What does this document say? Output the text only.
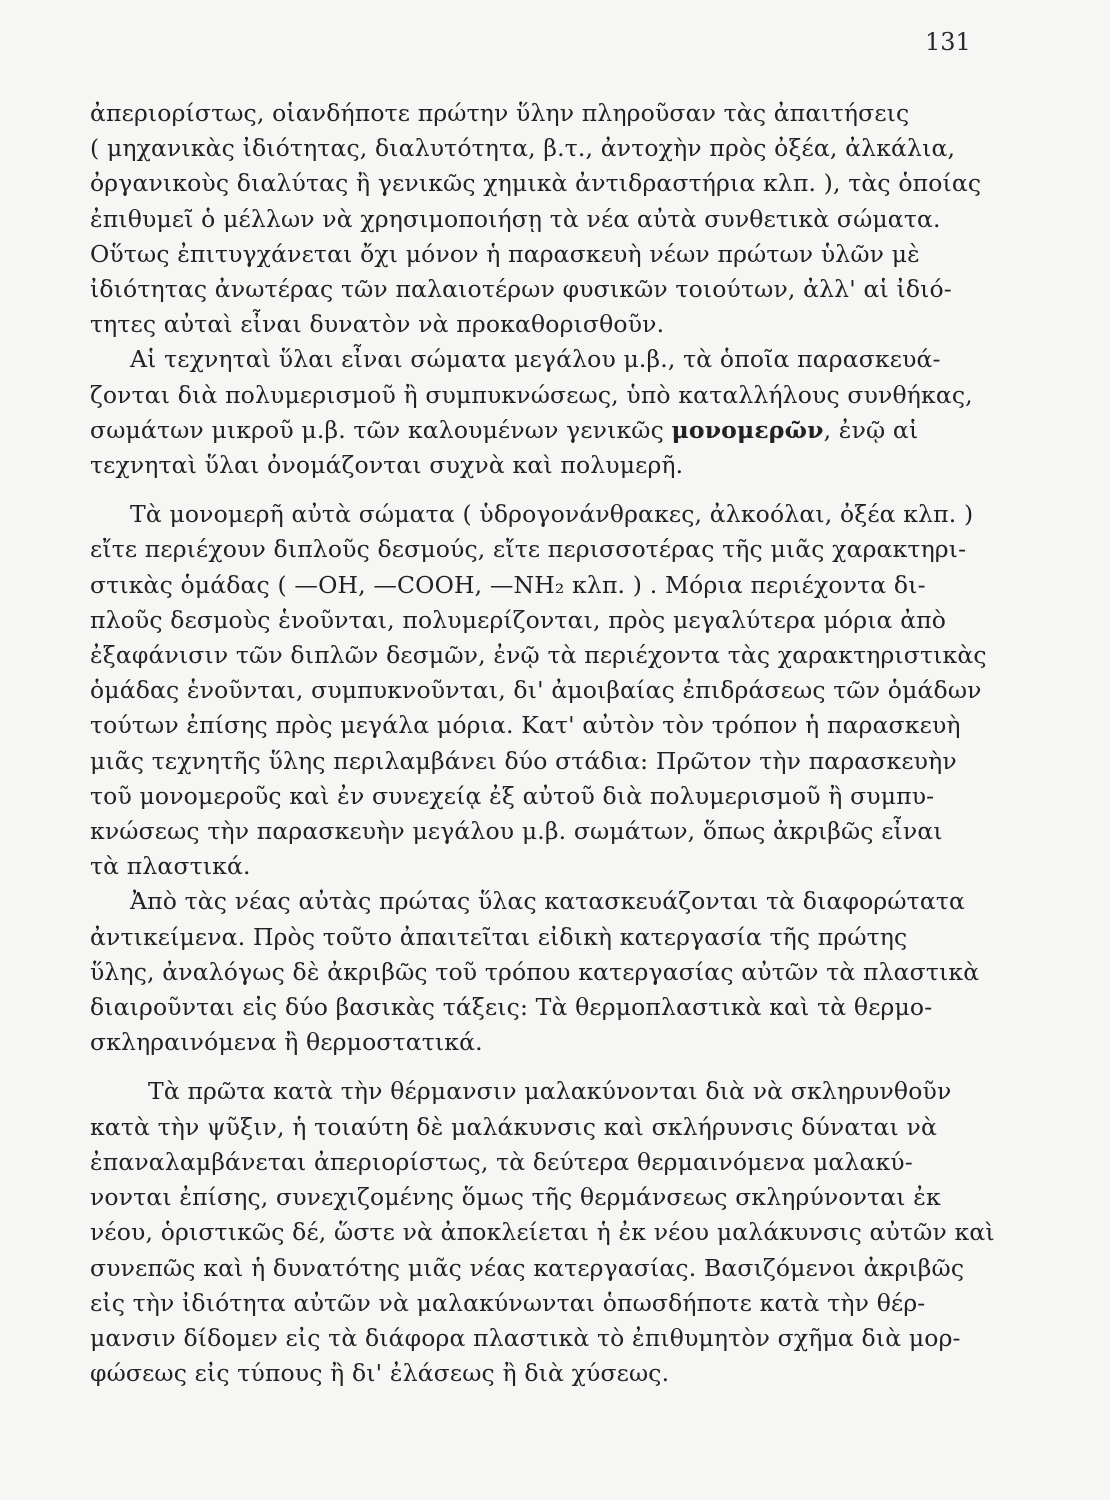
131

ἀπεριορίστως, οἱανδήποτε πρώτην ὕλην πληροῦσαν τὰς ἀπαιτήσεις

( μηχανικὰς ἰδιότητας, διαλυτότητα, β.τ., ἀντοχὴν πρὸς ὀξέα, ἀλκάλια,

ὀργανικοὺς διαλύτας ἢ γενικῶς χημικὰ ἀντιδραστήρια κλπ. ), τὰς ὁποίας

ἐπιθυμεῖ ὁ μέλλων νὰ χρησιμοποιήσῃ τὰ νέα αὐτὰ συνθετικὰ σώματα.

Οὕτως ἐπιτυγχάνεται ὄχι μόνον ἡ παρασκευὴ νέων πρώτων ὑλῶν μὲ

ἰδιότητας ἀνωτέρας τῶν παλαιοτέρων φυσικῶν τοιούτων, ἀλλ' αἱ ἰδιό-

τητες αὐταὶ εἶναι δυνατὸν νὰ προκαθορισθοῦν.

Αἱ τεχνηταὶ ὕλαι εἶναι σώματα μεγάλου μ.β., τὰ ὁποῖα παρασκευά-

ζονται διὰ πολυμερισμοῦ ἢ συμπυκνώσεως, ὑπὸ καταλλήλους συνθήκας,

σωμάτων μικροῦ μ.β. τῶν καλουμένων γενικῶς μονομερῶν, ἐνῷ αἱ

τεχνηταὶ ὕλαι ὀνομάζονται συχνὰ καὶ πολυμερῆ.

Τὰ μονομερῆ αὐτὰ σώματα ( ὑδρογονάνθρακες, ἀλκοόλαι, ὀξέα κλπ. )

εἴτε περιέχουν διπλοῦς δεσμούς, εἴτε περισσοτέρας τῆς μιᾶς χαρακτηρι-

στικὰς ὁμάδας ( —OH, —COOH, —NH₂ κλπ. ) . Μόρια περιέχοντα δι-

πλοῦς δεσμοὺς ἑνοῦνται, πολυμερίζονται, πρὸς μεγαλύτερα μόρια ἀπὸ

ἐξαφάνισιν τῶν διπλῶν δεσμῶν, ἐνῷ τὰ περιέχοντα τὰς χαρακτηριστικὰς

ὁμάδας ἑνοῦνται, συμπυκνοῦνται, δι' ἀμοιβαίας ἐπιδράσεως τῶν ὁμάδων

τούτων ἐπίσης πρὸς μεγάλα μόρια. Κατ' αὐτὸν τὸν τρόπον ἡ παρασκευὴ

μιᾶς τεχνητῆς ὕλης περιλαμβάνει δύο στάδια: Πρῶτον τὴν παρασκευὴν

τοῦ μονομεροῦς καὶ ἐν συνεχείᾳ ἐξ αὐτοῦ διὰ πολυμερισμοῦ ἢ συμπυ-

κνώσεως τὴν παρασκευὴν μεγάλου μ.β. σωμάτων, ὅπως ἀκριβῶς εἶναι

τὰ πλαστικά.

Ἀπὸ τὰς νέας αὐτὰς πρώτας ὕλας κατασκευάζονται τὰ διαφορώτατα

ἀντικείμενα. Πρὸς τοῦτο ἀπαιτεῖται εἰδικὴ κατεργασία τῆς πρώτης

ὕλης, ἀναλόγως δὲ ἀκριβῶς τοῦ τρόπου κατεργασίας αὐτῶν τὰ πλαστικὰ

διαιροῦνται εἰς δύο βασικὰς τάξεις: Τὰ θερμοπλαστικὰ καὶ τὰ θερμο-

σκληραινόμενα ἢ θερμοστατικά.

Τὰ πρῶτα κατὰ τὴν θέρμανσιν μαλακύνονται διὰ νὰ σκληρυνθοῦν

κατὰ τὴν ψῦξιν, ἡ τοιαύτη δὲ μαλάκυνσις καὶ σκλήρυνσις δύναται νὰ

ἐπαναλαμβάνεται ἀπεριορίστως, τὰ δεύτερα θερμαινόμενα μαλακύ-

νονται ἐπίσης, συνεχιζομένης ὅμως τῆς θερμάνσεως σκληρύνονται ἐκ

νέου, ὁριστικῶς δέ, ὥστε νὰ ἀποκλείεται ἡ ἐκ νέου μαλάκυνσις αὐτῶν καὶ

συνεπῶς καὶ ἡ δυνατότης μιᾶς νέας κατεργασίας. Βασιζόμενοι ἀκριβῶς

εἰς τὴν ἰδιότητα αὐτῶν νὰ μαλακύνωνται ὁπωσδήποτε κατὰ τὴν θέρ-

μανσιν δίδομεν εἰς τὰ διάφορα πλαστικὰ τὸ ἐπιθυμητὸν σχῆμα διὰ μορ-

φώσεως εἰς τύπους ἢ δι' ἐλάσεως ἢ διὰ χύσεως.
